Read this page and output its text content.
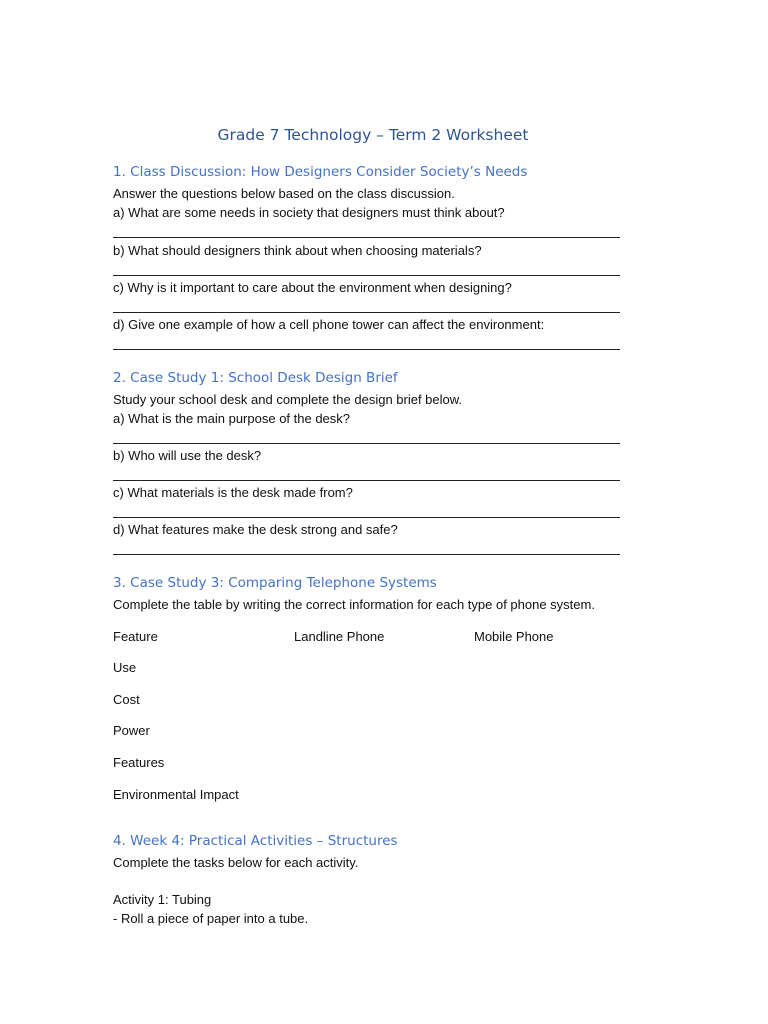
Grade 7 Technology – Term 2 Worksheet
1. Class Discussion: How Designers Consider Society’s Needs
Answer the questions below based on the class discussion.
a) What are some needs in society that designers must think about?
b) What should designers think about when choosing materials?
c) Why is it important to care about the environment when designing?
d) Give one example of how a cell phone tower can affect the environment:
2. Case Study 1: School Desk Design Brief
Study your school desk and complete the design brief below.
a) What is the main purpose of the desk?
b) Who will use the desk?
c) What materials is the desk made from?
d) What features make the desk strong and safe?
3. Case Study 3: Comparing Telephone Systems
Complete the table by writing the correct information for each type of phone system.
Feature	Landline Phone	Mobile Phone
Use
Cost
Power
Features
Environmental Impact
4. Week 4: Practical Activities – Structures
Complete the tasks below for each activity.
Activity 1: Tubing
- Roll a piece of paper into a tube.
